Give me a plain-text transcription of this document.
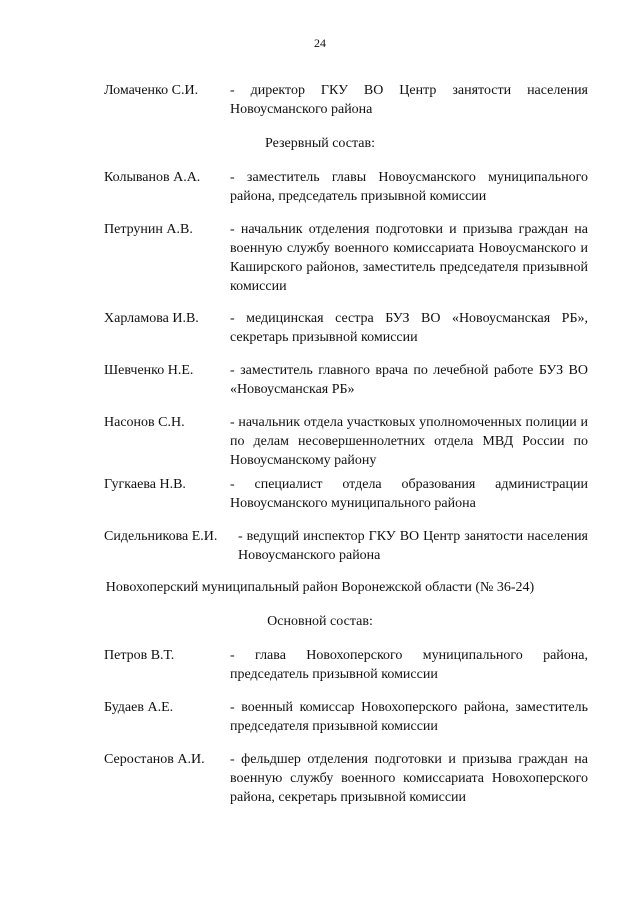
24
Ломаченко С.И.	- директор ГКУ ВО Центр занятости населения Новоусманского района
Резервный состав:
Колыванов А.А.	- заместитель главы Новоусманского муниципального района, председатель призывной комиссии
Петрунин А.В.	- начальник отделения подготовки и призыва граждан на военную службу военного комиссариата Новоусманского и Каширского районов, заместитель председателя призывной комиссии
Харламова И.В.	- медицинская сестра БУЗ ВО «Новоусманская РБ», секретарь призывной комиссии
Шевченко Н.Е.	- заместитель главного врача по лечебной работе БУЗ ВО «Новоусманская РБ»
Насонов С.Н.	- начальник отдела участковых уполномоченных полиции и по делам несовершеннолетних отдела МВД России по Новоусманскому району
Гугкаева Н.В.	- специалист отдела образования администрации Новоусманского муниципального района
Сидельникова Е.И.	- ведущий инспектор ГКУ ВО Центр занятости населения Новоусманского района
Новохоперский муниципальный район Воронежской области (№ 36-24)
Основной состав:
Петров В.Т.	- глава Новохоперского муниципального района, председатель призывной комиссии
Будаев А.Е.	- военный комиссар Новохоперского района, заместитель председателя призывной комиссии
Серостанов А.И.	- фельдшер отделения подготовки и призыва граждан на военную службу военного комиссариата Новохоперского района, секретарь призывной комиссии
